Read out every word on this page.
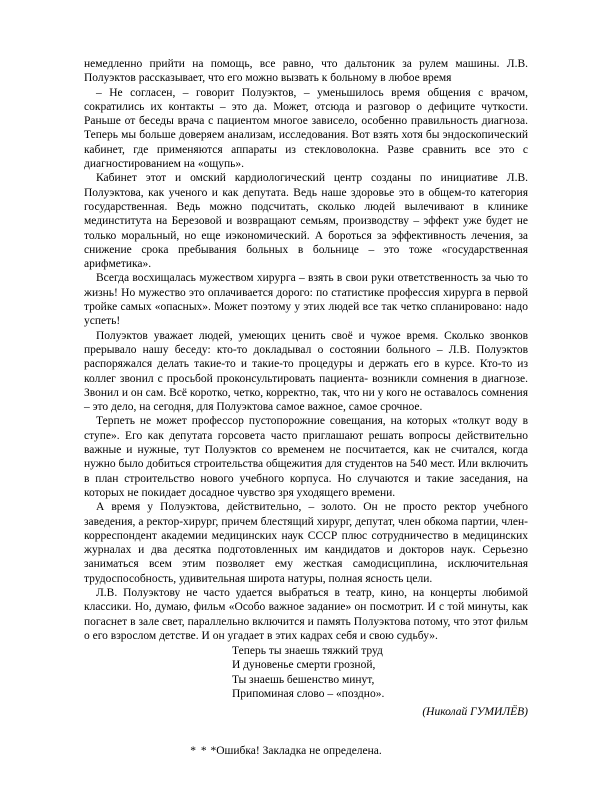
немедленно прийти на помощь, все равно, что дальтоник за рулем машины. Л.В. Полуэктов рассказывает, что его можно вызвать к больному в любое время

– Не согласен, – говорит Полуэктов, – уменьшилось время общения с врачом, сократились их контакты – это да. Может, отсюда и разговор о дефиците чуткости. Раньше от беседы врача с пациентом многое зависело, особенно правильность диагноза. Теперь мы больше доверяем анализам, исследования. Вот взять хотя бы эндоскопический кабинет, где применяются аппараты из стекловолокна. Разве сравнить все это с диагностированием на «ощупь».

Кабинет этот и омский кардиологический центр созданы по инициативе Л.В. Полуэктова, как ученого и как депутата. Ведь наше здоровье это в общем-то категория государственная. Ведь можно подсчитать, сколько людей вылечивают в клинике мединститута на Березовой и возвращают семьям, производству – эффект уже будет не только моральный, но еще иэкономический. А бороться за эффективность лечения, за снижение срока пребывания больных в больнице – это тоже «государственная арифметика».

Всегда восхищалась мужеством хирурга – взять в свои руки ответственность за чью то жизнь! Но мужество это оплачивается дорого: по статистике профессия хирурга в первой тройке самых «опасных». Может поэтому у этих людей все так четко спланировано: надо успеть!

Полуэктов уважает людей, умеющих ценить своё и чужое время. Сколько звонков прерывало нашу беседу: кто-то докладывал о состоянии больного – Л.В. Полуэктов распоряжался делать такие-то и такие-то процедуры и держать его в курсе. Кто-то из коллег звонил с просьбой проконсультировать пациента- возникли сомнения в диагнозе. Звонил и он сам. Всё коротко, четко, корректно, так, что ни у кого не оставалось сомнения – это дело, на сегодня, для Полуэктова самое важное, самое срочное.

Терпеть не может профессор пустопорожние совещания, на которых «толкут воду в ступе». Его как депутата горсовета часто приглашают решать вопросы действительно важные и нужные, тут Полуэктов со временем не посчитается, как не считался, когда нужно было добиться строительства общежития для студентов на 540 мест. Или включить в план строительство нового учебного корпуса. Но случаются и такие заседания, на которых не покидает досадное чувство зря уходящего времени.

А время у Полуэктова, действительно, – золото. Он не просто ректор учебного заведения, а ректор-хирург, причем блестящий хирург, депутат, член обкома партии, член-корреспондент академии медицинских наук СССР плюс сотрудничество в медицинских журналах и два десятка подготовленных им кандидатов и докторов наук. Серьезно заниматься всем этим позволяет ему жесткая самодисциплина, исключительная трудоспособность, удивительная широта натуры, полная ясность цели.

Л.В. Полуэктову не часто удается выбраться в театр, кино, на концерты любимой классики. Но, думаю, фильм «Особо важное задание» он посмотрит. И с той минуты, как погаснет в зале свет, параллельно включится и память Полуэктова потому, что этот фильм о его взрослом детстве. И он угадает в этих кадрах себя и свою судьбу».

Теперь ты знаешь тяжкий труд
И дуновенье смерти грозной,
Ты знаешь бешенство минут,
Припоминая слово – «поздно».

(Николай ГУМИЛЁВ)

* * *Ошибка! Закладка не определена.
